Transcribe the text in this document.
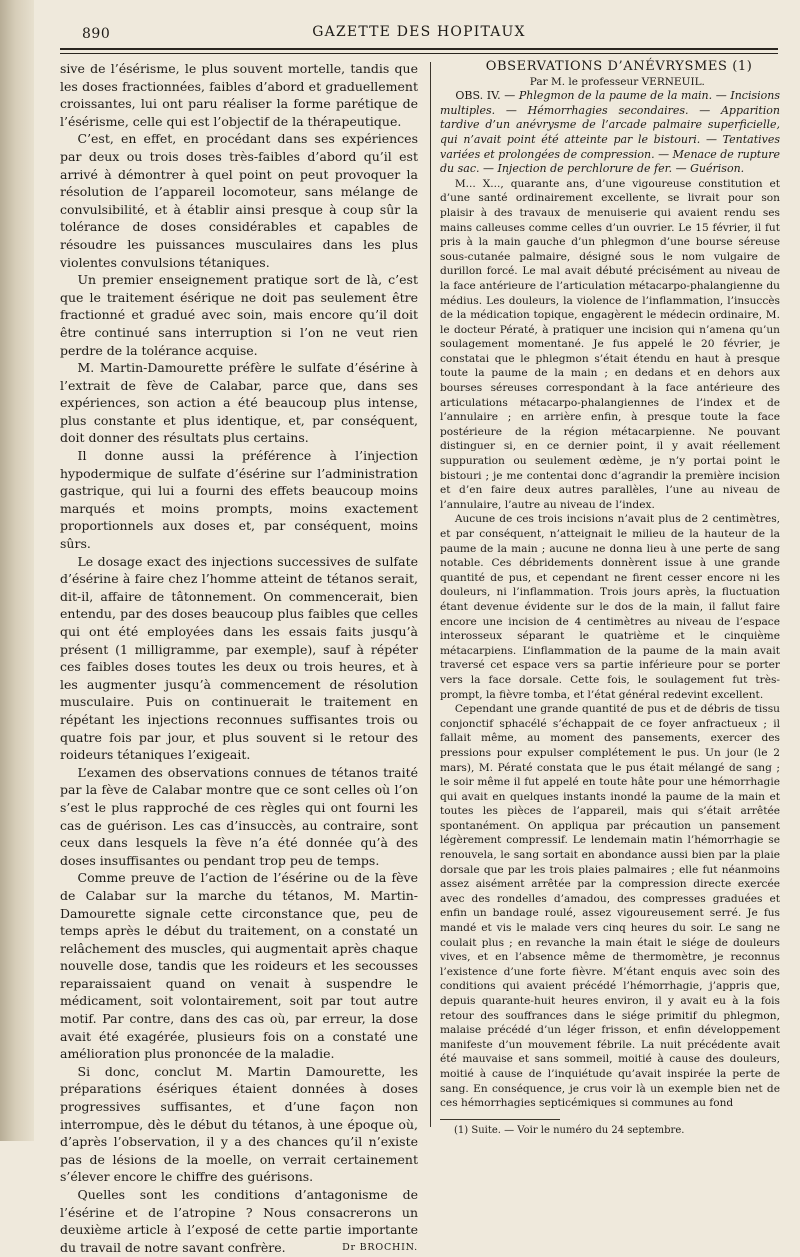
890	GAZETTE DES HOPITAUX

sive de l’ésérisme, le plus souvent mortelle, tandis que les doses fractionnées, faibles d’abord et graduellement croissantes, lui ont paru réaliser la forme parétique de l’ésérisme, celle qui est l’objectif de la thérapeutique.

C’est, en effet, en procédant dans ses expériences par deux ou trois doses très-faibles d’abord qu’il est arrivé à démontrer à quel point on peut provoquer la résolution de l’appareil locomoteur, sans mélange de convulsibilité, et à établir ainsi presque à coup sûr la tolérance de doses considérables et capables de résoudre les puissances musculaires dans les plus violentes convulsions tétaniques.

Un premier enseignement pratique sort de là, c’est que le traitement ésérique ne doit pas seulement être fractionné et gradué avec soin, mais encore qu’il doit être continué sans interruption si l’on ne veut rien perdre de la tolérance acquise.

M. Martin-Damourette préfère le sulfate d’ésérine à l’extrait de fève de Calabar, parce que, dans ses expériences, son action a été beaucoup plus intense, plus constante et plus identique, et, par conséquent, doit donner des résultats plus certains.

Il donne aussi la préférence à l’injection hypodermique de sulfate d’ésérine sur l’administration gastrique, qui lui a fourni des effets beaucoup moins marqués et moins prompts, moins exactement proportionnels aux doses et, par conséquent, moins sûrs.

Le dosage exact des injections successives de sulfate d’ésérine à faire chez l’homme atteint de tétanos serait, dit-il, affaire de tâtonnement. On commencerait, bien entendu, par des doses beaucoup plus faibles que celles qui ont été employées dans les essais faits jusqu’à présent (1 milligramme, par exemple), sauf à répéter ces faibles doses toutes les deux ou trois heures, et à les augmenter jusqu’à commencement de résolution musculaire. Puis on continuerait le traitement en répétant les injections reconnues suffisantes trois ou quatre fois par jour, et plus souvent si le retour des roideurs tétaniques l’exigeait.

L’examen des observations connues de tétanos traité par la fève de Calabar montre que ce sont celles où l’on s’est le plus rapproché de ces règles qui ont fourni les cas de guérison. Les cas d’insuccès, au contraire, sont ceux dans lesquels la fève n’a été donnée qu’à des doses insuffisantes ou pendant trop peu de temps.

Comme preuve de l’action de l’ésérine ou de la fève de Calabar sur la marche du tétanos, M. Martin-Damourette signale cette circonstance que, peu de temps après le début du traitement, on a constaté un relâchement des muscles, qui augmentait après chaque nouvelle dose, tandis que les roideurs et les secousses reparaissaient quand on venait à suspendre le médicament, soit volontairement, soit par tout autre motif. Par contre, dans des cas où, par erreur, la dose avait été exagérée, plusieurs fois on a constaté une amélioration plus prononcée de la maladie.

Si donc, conclut M. Martin Damourette, les préparations ésériques étaient données à doses progressives suffisantes, et d’une façon non interrompue, dès le début du tétanos, à une époque où, d’après l’observation, il y a des chances qu’il n’existe pas de lésions de la moelle, on verrait certainement s’élever encore le chiffre des guérisons.

Quelles sont les conditions d’antagonisme de l’ésérine et de l’atropine ? Nous consacrerons un deuxième article à l’exposé de cette partie importante du travail de notre savant confrère.	Dr BROCHIN.

OBSERVATIONS D’ANÉVRYSMES (1)

Par M. le professeur VERNEUIL.

OBS. IV. — Phlegmon de la paume de la main. — Incisions multiples. — Hémorrhagies secondaires. — Apparition tardive d’un anévrysme de l’arcade palmaire superficielle, qui n’avait point été atteinte par le bistouri. — Tentatives variées et prolongées de compression. — Menace de rupture du sac. — Injection de perchlorure de fer. — Guérison.

M... X..., quarante ans, d’une vigoureuse constitution et d’une santé ordinairement excellente, se livrait pour son plaisir à des travaux de menuiserie qui avaient rendu ses mains calleuses comme celles d’un ouvrier. Le 15 février, il fut pris à la main gauche d’un phlegmon d’une bourse séreuse sous-cutanée palmaire, désigné sous le nom vulgaire de durillon forcé. Le mal avait débuté précisément au niveau de la face antérieure de l’articulation métacarpo-phalangienne du médius. Les douleurs, la violence de l’inflammation, l’insuccès de la médication topique, engagèrent le médecin ordinaire, M. le docteur Pératé, à pratiquer une incision qui n’amena qu’un soulagement momentané. Je fus appelé le 20 février, je constatai que le phlegmon s’était étendu en haut à presque toute la paume de la main ; en dedans et en dehors aux bourses séreuses correspondant à la face antérieure des articulations métacarpo-phalangiennes de l’index et de l’annulaire ; en arrière enfin, à presque toute la face postérieure de la région métacarpienne. Ne pouvant distinguer si, en ce dernier point, il y avait réellement suppuration ou seulement œdème, je n’y portai point le bistouri ; je me contentai donc d’agrandir la première incision et d’en faire deux autres parallèles, l’une au niveau de l’annulaire, l’autre au niveau de l’index.

Aucune de ces trois incisions n’avait plus de 2 centimètres, et par conséquent, n’atteignait le milieu de la hauteur de la paume de la main ; aucune ne donna lieu à une perte de sang notable. Ces débridements donnèrent issue à une grande quantité de pus, et cependant ne firent cesser encore ni les douleurs, ni l’inflammation. Trois jours après, la fluctuation étant devenue évidente sur le dos de la main, il fallut faire encore une incision de 4 centimètres au niveau de l’espace interosseux séparant le quatrième et le cinquième métacarpiens. L’inflammation de la paume de la main avait traversé cet espace vers sa partie inférieure pour se porter vers la face dorsale. Cette fois, le soulagement fut très-prompt, la fièvre tomba, et l’état général redevint excellent.

Cependant une grande quantité de pus et de débris de tissu conjonctif sphacélé s’échappait de ce foyer anfractueux ; il fallait même, au moment des pansements, exercer des pressions pour expulser complétement le pus. Un jour (le 2 mars), M. Pératé constata que le pus était mélangé de sang ; le soir même il fut appelé en toute hâte pour une hémorrhagie qui avait en quelques instants inondé la paume de la main et toutes les pièces de l’appareil, mais qui s’était arrêtée spontanément. On appliqua par précaution un pansement légèrement compressif. Le lendemain matin l’hémorrhagie se renouvela, le sang sortait en abondance aussi bien par la plaie dorsale que par les trois plaies palmaires ; elle fut néanmoins assez aisément arrêtée par la compression directe exercée avec des rondelles d’amadou, des compresses graduées et enfin un bandage roulé, assez vigoureusement serré. Je fus mandé et vis le malade vers cinq heures du soir. Le sang ne coulait plus ; en revanche la main était le siége de douleurs vives, et en l’absence même de thermomètre, je reconnus l’existence d’une forte fièvre. M’étant enquis avec soin des conditions qui avaient précédé l’hémorrhagie, j’appris que, depuis quarante-huit heures environ, il y avait eu à la fois retour des souffrances dans le siége primitif du phlegmon, malaise précédé d’un léger frisson, et enfin développement manifeste d’un mouvement fébrile. La nuit précédente avait été mauvaise et sans sommeil, moitié à cause des douleurs, moitié à cause de l’inquiétude qu’avait inspirée la perte de sang. En conséquence, je crus voir là un exemple bien net de ces hémorrhagies septicémiques si communes au fond

(1) Suite. — Voir le numéro du 24 septembre.
